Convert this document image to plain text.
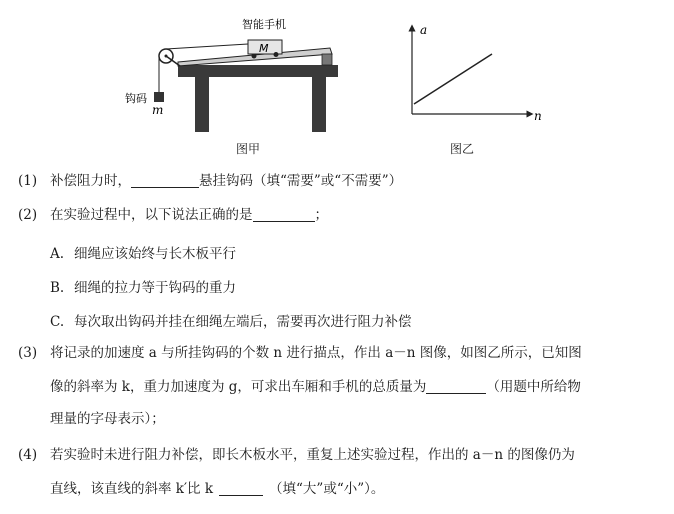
M
智能手机
钩码
m
图甲
a
n
图乙
(1) 补偿阻力时，	悬挂钩码（填“需要”或“不需要”）
(2) 在实验过程中，以下说法正确的是	；
A. 细绳应该始终与长木板平行
B. 细绳的拉力等于钩码的重力
C. 每次取出钩码并挂在细绳左端后，需要再次进行阻力补偿
(3) 将记录的加速度 a 与所挂钩码的个数 n 进行描点，作出 a－n 图像，如图乙所示，已知图
像的斜率为 k，重力加速度为 g，可求出车厢和手机的总质量为	（用题中所给物
理量的字母表示）；
(4) 若实验时未进行阻力补偿，即长木板水平，重复上述实验过程，作出的 a－n 的图像仍为
直线，该直线的斜率 k′比 k	（填“大”或“小”）。
